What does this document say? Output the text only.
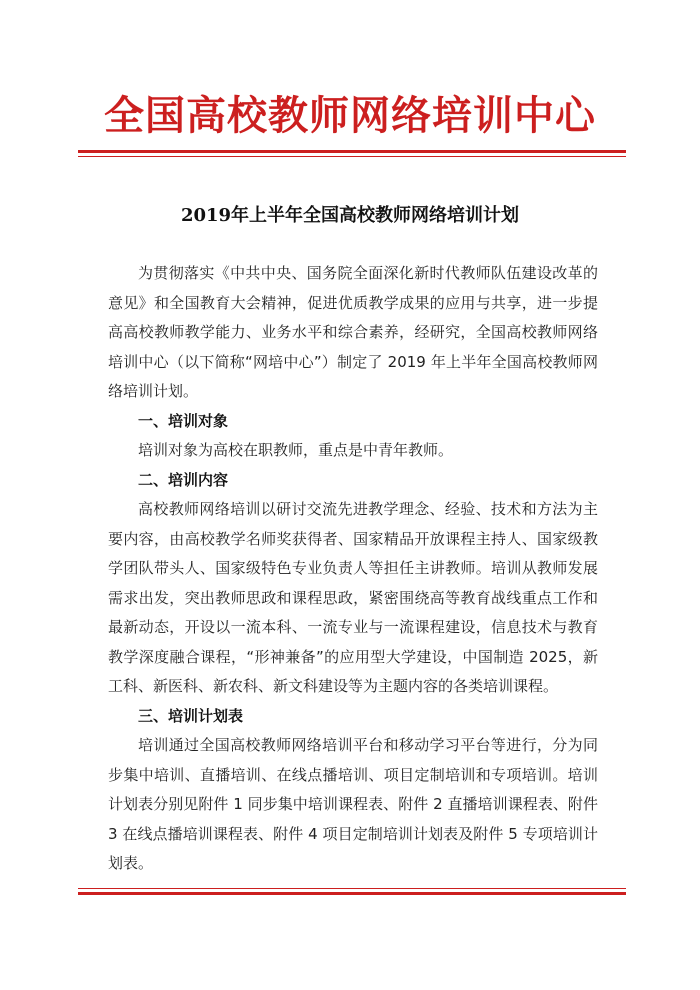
全国高校教师网络培训中心
2019年上半年全国高校教师网络培训计划

为贯彻落实《中共中央、国务院全面深化新时代教师队伍建设改革的意见》和全国教育大会精神，促进优质教学成果的应用与共享，进一步提高高校教师教学能力、业务水平和综合素养，经研究，全国高校教师网络培训中心（以下简称“网培中心”）制定了 2019 年上半年全国高校教师网络培训计划。

一、培训对象

培训对象为高校在职教师，重点是中青年教师。

二、培训内容

高校教师网络培训以研讨交流先进教学理念、经验、技术和方法为主要内容，由高校教学名师奖获得者、国家精品开放课程主持人、国家级教学团队带头人、国家级特色专业负责人等担任主讲教师。培训从教师发展需求出发，突出教师思政和课程思政，紧密围绕高等教育战线重点工作和最新动态，开设以一流本科、一流专业与一流课程建设，信息技术与教育教学深度融合课程，“形神兼备”的应用型大学建设，中国制造 2025，新工科、新医科、新农科、新文科建设等为主题内容的各类培训课程。

三、培训计划表

培训通过全国高校教师网络培训平台和移动学习平台等进行，分为同步集中培训、直播培训、在线点播培训、项目定制培训和专项培训。培训计划表分别见附件 1 同步集中培训课程表、附件 2 直播培训课程表、附件 3 在线点播培训课程表、附件 4 项目定制培训计划表及附件 5 专项培训计划表。
